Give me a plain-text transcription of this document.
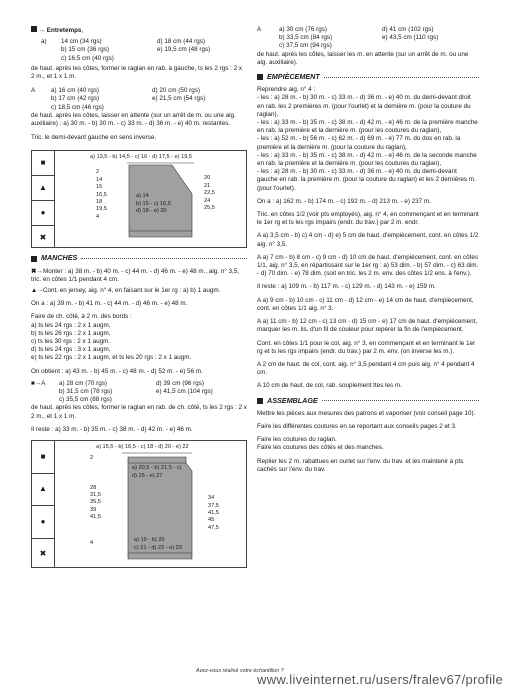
→ Entretemps,

a)	14 cm (34 rgs)	d) 18 cm (44 rgs)
b) 15 cm (36 rgs)	e) 19,5 cm (48 rgs)
c) 16,5 cm (40 rgs)

de haut. après les côtes, former le raglan en rab. à gauche, ts les 2 rgs : 2 x 2 m., et 1 x 1 m.

A	a) 16 cm (40 rgs)	d) 20 cm (50 rgs)
b) 17 cm (42 rgs)	e) 21,5 cm (54 rgs)
c) 18,5 cm (46 rgs)

de haut. après les côtes, laisser en attente (sur un arrêt de m. ou une aig. auxiliaire) : a) 30 m. - b) 30 m. - c) 33 m. - d) 36 m. - e) 40 m. restantes.

Tric. le demi-devant gauche en sens inverse.

■
▲
●
✖
a) 13,5 - b) 14,5 - c) 16 - d) 17,5 - e) 19,5
2
14
15
16,5
18
19,5
4
20
21
22,5
24
25,5
a) 14
b) 15 - c) 16,5
d) 18 - e) 20
MANCHES

✖→Monter : a) 38 m. - b) 40 m. - c) 44 m. - d) 46 m. - e) 48 m., aig. n° 3,5, tric. en côtes 1/1 pendant 4 cm.

▲→Cont. en jersey, aig. n° 4, en faisant sur le 1er rg : a) b) 1 augm.

On a : a) 39 m. - b) 41 m. - c) 44 m. - d) 46 m. - e) 48 m.

Faire de ch. côté, à 2 m. des bords :

a) ts les 24 rgs : 2 x 1 augm.
b) ts les 26 rgs : 2 x 1 augm.
c) ts les 30 rgs : 2 x 1 augm.
d) ts les 24 rgs : 3 x 1 augm.
e) ts les 22 rgs : 2 x 1 augm. et ts les 20 rgs : 2 x 1 augm.

On obtient : a) 43 m. - b) 45 m. - c) 48 m. - d) 52 m. - e) 56 m.

■→A	a) 28 cm (70 rgs)	d) 39 cm (96 rgs)
b) 31,5 cm (78 rgs)	e) 41,5 cm (104 rgs)
c) 35,5 cm (88 rgs)

de haut. après les côtes, former le raglan en rab. de ch. côté, ts les 2 rgs : 2 x 2 m., et 1 x 1 m.

Il reste : a) 33 m. - b) 35 m. - c) 38 m. - d) 42 m. - e) 46 m.

■
▲
●
✖
a) 15,5 - b) 16,5 - c) 18 - d) 20 - e) 22
2
28
31,5
35,5
39
41,5
4
34
37,5
41,5
45
47,5
a) 20,5 - b) 21,5 - c)
d) 25 - e) 27
a) 19 - b) 20
c) 21 - d) 22 - e) 23
A	a) 30 cm (76 rgs)	d) 41 cm (102 rgs)
b) 33,5 cm (84 rgs)	e) 43,5 cm (110 rgs)
c) 37,5 cm (94 rgs)

de haut. après les côtes, laisser les m. en attente (sur un arrêt de m. ou une aig. auxiliaire).

EMPIÈCEMENT

Reprendre aig. n° 4 :

- les : a) 28 m. - b) 30 m. - c) 33 m. - d) 36 m. - e) 40 m. du demi-devant droit en rab. les 2 premières m. (pour l'ourlet) et la dernière m. (pour la couture du raglan),

- les : a) 33 m. - b) 35 m. - c) 38 m. - d) 42 m. - e) 46 m. de la première manche en rab. la première et la dernière m. (pour les coutures du raglan),

- les : a) 52 m. - b) 56 m. - c) 62 m. - d) 69 m. - e) 77 m. du dos en rab. la première et la dernière m. (pour la couture du raglan),

- les : a) 33 m. - b) 35 m. - c) 38 m. - d) 42 m. - e) 46 m. de la seconde manche en rab. la première et la dernière m. (pour les coutures du raglan),

- les : a) 28 m. - b) 30 m. - c) 33 m. - d) 36 m. - e) 40 m. du demi-devant gauche en rab. la première m. (pour la couture du raglan) et les 2 dernières m. (pour l'ourlet).

On a : a) 162 m. - b) 174 m. - c) 192 m. - d) 213 m. - e) 237 m.

Tric. en côtes 1/2 (voir pts employés), aig. n° 4, en commençant et en terminant le 1er rg et ts les rgs impairs (endr. du trav.) par 2 m. endr.

A a) 3,5 cm - b) c) 4 cm - d) e) 5 cm de haut. d'empiècement, cont. en côtes 1/2 aig. n° 3,5.

A a) 7 cm - b) 8 cm - c) 9 cm - d) 10 cm de haut. d'empiècement, cont. en côtes 1/1, aig. n° 3,5, en répartissant sur le 1er rg : a) 53 dim. - b) 57 dim. - c) 63 dim. - d) 70 dim. - e) 78 dim. (soit en tric. les 2 m. env. des côtes 1/2 ens. à l'env.).

Il reste : a) 109 m. - b) 117 m. - c) 129 m. - d) 143 m. - e) 159 m.

A a) 9 cm - b) 10 cm - c) 11 cm - d) 12 cm - e) 14 cm de haut. d'empiècement, cont. en côtes 1/1 aig. n° 3.

A a) 11 cm - b) 12 cm - c) 13 cm - d) 15 cm - e) 17 cm de haut. d'empiècement, marquer les m. lis. d'un fil de couleur pour repérer la fin de l'empiècement.

Cont. en côtes 1/1 pour le col, aig. n° 3, en commençant et en terminant le 1er rg et ts les rgs impairs (endr. du trav.) par 2 m. env. (on inverse les m.).

A 2 cm de haut. de col, cont. aig. n° 3,5 pendant 4 cm puis aig. n° 4 pendant 4 cm.

A 10 cm de haut. de col, rab. souplement ttes les m.

ASSEMBLAGE

Mettre les pièces aux mesures des patrons et vaporiser (voir conseil page 10).

Faire les différentes coutures en se reportant aux conseils pages 2 et 3.

Faire les coutures du raglan.

Faire les coutures des côtés et des manches.

Replier les 2 m. rabattues en ourlet sur l'env. du trav. et les maintenir à pts cachés sur l'env. du trav.

Avez-vous réalisé votre échantillon ?
www.liveinternet.ru/users/fralev67/profile
